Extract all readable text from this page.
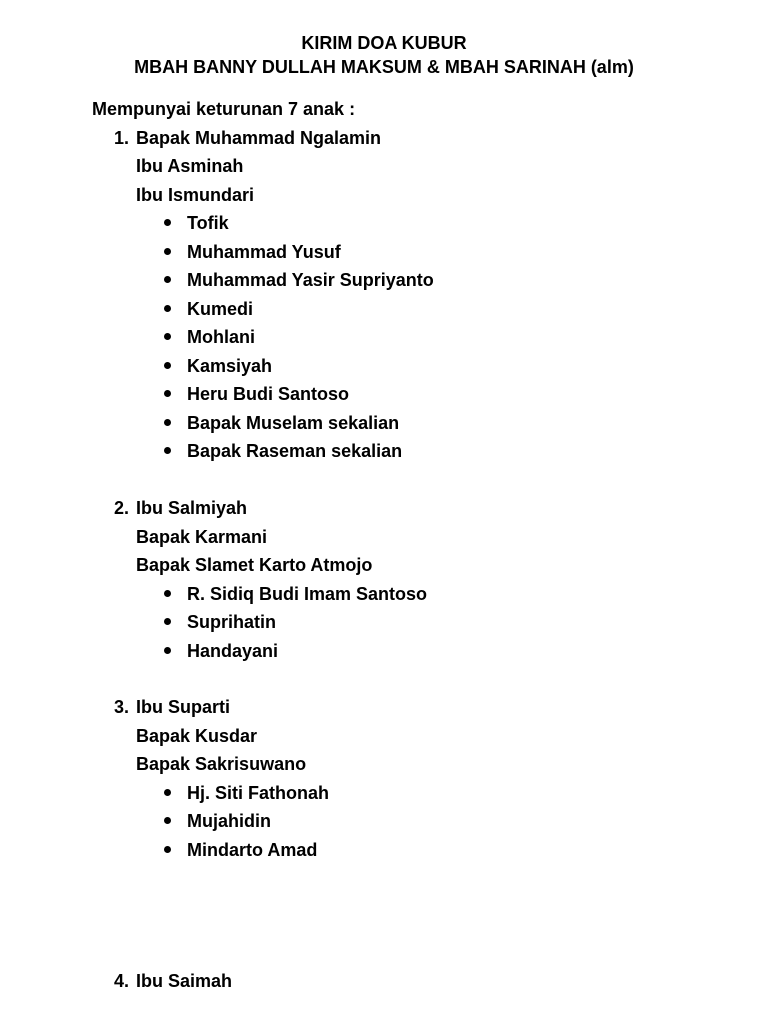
KIRIM DOA KUBUR
MBAH BANNY DULLAH MAKSUM & MBAH SARINAH (alm)
Mempunyai keturunan 7 anak :
1. Bapak Muhammad Ngalamin
Ibu Asminah
Ibu Ismundari
Tofik
Muhammad Yusuf
Muhammad Yasir Supriyanto
Kumedi
Mohlani
Kamsiyah
Heru Budi Santoso
Bapak Muselam sekalian
Bapak Raseman sekalian
2. Ibu Salmiyah
Bapak Karmani
Bapak Slamet Karto Atmojo
R. Sidiq Budi Imam Santoso
Suprihatin
Handayani
3. Ibu Suparti
Bapak Kusdar
Bapak Sakrisuwano
Hj. Siti Fathonah
Mujahidin
Mindarto Amad
4. Ibu Saimah
